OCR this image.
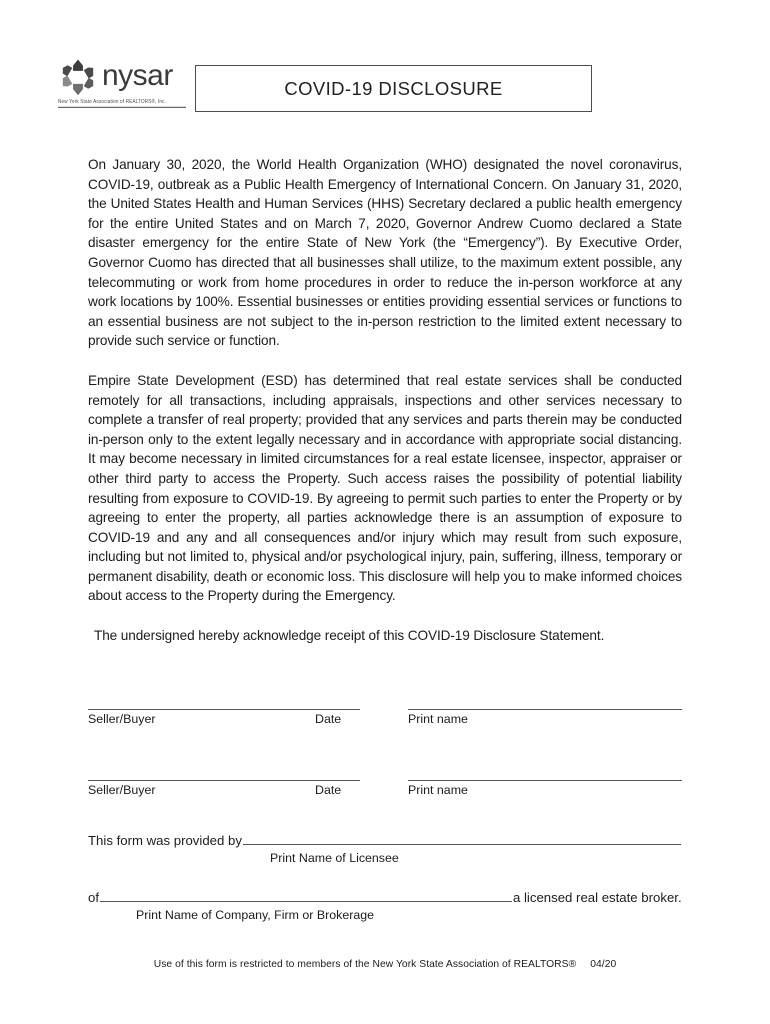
nysar
New York State Association of REALTORS®, Inc.
COVID-19 DISCLOSURE

On January 30, 2020, the World Health Organization (WHO) designated the novel coronavirus, COVID-19, outbreak as a Public Health Emergency of International Concern. On January 31, 2020, the United States Health and Human Services (HHS) Secretary declared a public health emergency for the entire United States and on March 7, 2020, Governor Andrew Cuomo declared a State disaster emergency for the entire State of New York (the “Emergency”). By Executive Order, Governor Cuomo has directed that all businesses shall utilize, to the maximum extent possible, any telecommuting or work from home procedures in order to reduce the in-person workforce at any work locations by 100%. Essential businesses or entities providing essential services or functions to an essential business are not subject to the in-person restriction to the limited extent necessary to provide such service or function.

Empire State Development (ESD) has determined that real estate services shall be conducted remotely for all transactions, including appraisals, inspections and other services necessary to complete a transfer of real property; provided that any services and parts therein may be conducted in-person only to the extent legally necessary and in accordance with appropriate social distancing. It may become necessary in limited circumstances for a real estate licensee, inspector, appraiser or other third party to access the Property. Such access raises the possibility of potential liability resulting from exposure to COVID-19. By agreeing to permit such parties to enter the Property or by agreeing to enter the property, all parties acknowledge there is an assumption of exposure to COVID-19 and any and all consequences and/or injury which may result from such exposure, including but not limited to, physical and/or psychological injury, pain, suffering, illness, temporary or permanent disability, death or economic loss. This disclosure will help you to make informed choices about access to the Property during the Emergency.

The undersigned hereby acknowledge receipt of this COVID-19 Disclosure Statement.

Seller/Buyer	Date	Print name
Seller/Buyer	Date	Print name
This form was provided by
Print Name of Licensee
of	a licensed real estate broker.
Print Name of Company, Firm or Brokerage
Use of this form is restricted to members of the New York State Association of REALTORS® 04/20
